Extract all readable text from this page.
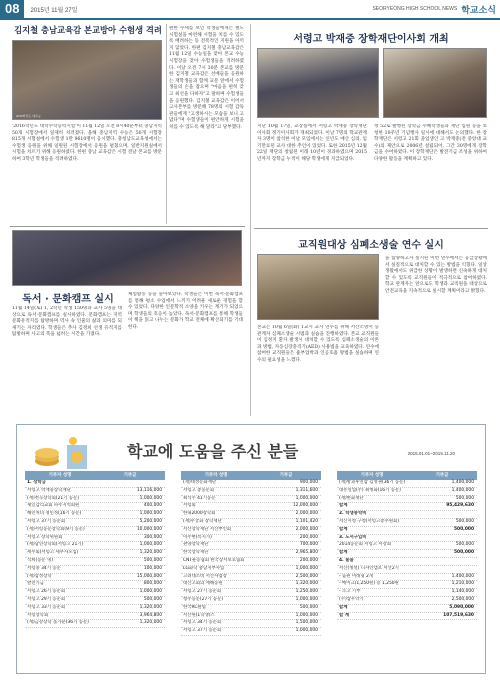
08	2015년 11월 27일	SEORYEONG HIGH SCHOOL NEWS 학교소식
김지철 충남교육감 본교방아 수험생 격려
2016학년도 대수능
'2016학년도 대학수학능력시험'이 11월 12일 오전 8시40분부터 충남지역 50개 시험장에서 일제히 치러졌다. 올해 충남지역 수능은 50개 시험장 815개 시험실에서 수험생 1만 9610명이 응시했다. 충청남도교육청에서는 수험생 응원을 위해 일원된 시험장에서 응원을 펼쳤으며, 일반지원실에서 시험을 치르기 위해 응원하였다. 한편 충남 교육감은 시험 전날 본교를 방문하여 3학년 학생들을 격려하였다.
편한 수세를 보인 학생들에게는 별도 시험실을 마련해 시험을 치를 수 있도록 배려하는 등 전폭적인 지원을 아끼지 않았다. 한편 김지철 충남교육감은 11월 12일 수능일을 맞아 본교 수능 시험장을 찾아 수험생들을 격려하였다. 이날 오전 7시 30분 본교를 방문한 김지철 교육감은 선배들을 응원하는 재학생들과 함께 교문 앞에서 수험생들의 손을 잡으며 "마음을 편히 갖고 최선을 다하자"고 말하며 수험생들을 응원했다. 김지철 교육감은 이어서 고사본부를 방문해 78명의 시험 감독관들에게 "고생하시는 모습을 보니 고맙다"며 수험생들이 편안하게 시험을 치를 수 있도록 해 달라"고 당부했다.
독서 · 문화캠프 실시
11월 14일(토) 1, 2학년 학생 150명과 교사 5명을 대상으로 독서·문화캠프를 실시하였다. 문화캠프는 지역 문화유적지를 탐방하며 역사 속 인물의 삶과 의미를 되새기는 자리였다. 학생들은 추사 김정희 선생 유적지를 탐방하며 사고의 폭을 넓히는 시간을 가졌다.
체험활동 등을 돌아보았다. 학생들은 이번 독서·문화캠프를 통해 평소 수업에서 느끼기 어려운 새로운 경험을 할 수 있었다. 다양한 인문학적 소양을 키우는 계기가 되었으며 학생들의 호응이 높았다. 독서·문화캠프를 통해 학생들이 책을 읽고 나누는 문화가 학교 전체에 확산되기를 기대한다.
서령고 박재중 장학재단이사회 개최
지난 10월 17일, 교장실에서 서령고 박재중 장학재단이사회 정기이사회가 개최되었다. 이날 7명의 학교관계자 3명이 참석한 이날 모임에서는 신년도 예산 심의, 임기만료된 교사 대한 추인이 있었다. 또한 2015년 12월 22일 재단의 창립된 이래 10년이 경과하였으며 2015년까지 장학금 누적이 해당 학생에게 지급되었다.
정 52로 발행된 장학금 수혜학생들과 재단 임원 등을 초청한 10주년 기념행사 일시에 대해서도 논의했다. 한 장학재단은 서령고 21회 졸업생인 고 박재중(전 중앙대 교수)의 제안으로 2006년 설립되어, 그간 30명에게 장학금을 수여하였다. 이 장학재단은 발전기금 조성을 위하여 다양한 활동을 계획하고 있다.
교직원대상 심폐소생술 연수 실시
본교는 10월 6일(화) 1교시 교사 연수를 위해 서산소방서 등 관계자 심폐소생술 시범과 실습을 진행하였다. 본교 교직원들이 심정지 환자 발생시 대처할 수 있도록 심폐소생술의 이론과 방법, 자동심장충격기(AED) 사용법을 교육하였다. 연수에 참여한 교직원들은 흉부압박과 인공호흡 방법을 실습하며 연수의 필요성을 느꼈다.
을 함양하고자 실시된 이번 연수에서는 응급상황에서 실질적으로 대처할 수 있는 방법을 익혔다. 일상생활에서도 위급한 상황이 발생하면 신속하게 대처할 수 있도록 교직원들이 적극적으로 참여하였다. 학교 관계자는 앞으로도 학생과 교직원을 대상으로 안전교육을 지속적으로 실시할 계획이라고 밝혔다.
학교에 도움을 주신 분들	2015.01.01~2015.11.20
기부자 성명	기부금
1. 장학금
서령고 박재중장학재단	13,116,000
(재)천곡장학회(21기 동문)	1,000,000
제일감리교회 파주지역회원	400,000
해민처녀 정민정(16기 동문)	1,000,000
서령고 37기 동문회	5,200,000
(재)서령동문장학회(9기 동문)	10,000,000
서령고 장학위원회	300,000
(재)남연장학회(서령고 21기)	1,000,000
세무회(서령고 세무사모임)	1,320,000
석희(동문 명)	500,000
서령중 34기 동문	100,000
(재)삼성장학	15,000,000
발전기금	800,000
서령고 26기 동문회	1,000,000
서령고 29기 동문회	500,000
서령고 33기 동문회	1,320,000
서령장학회	3,964,800
(재)금강장학 홀가분(36기 동문)	1,320,000
기부자 성명	기부금
(재)대성문화재단	900,000
서령고 총동문회	1,311,600
최석주 41기동문	1,000,000
서령회	12,000,000
한내2000장학회	2,000,000
(재)무궁화 장학재단	1,101,420
서산장학재단 서산부인회	2,000,000
이주현(특지가)	200,000
관양장학재단	700,000
한국장학재단	2,965,800
CNT운동협회 한국장서보호협회	200,000
LG화학 충남지부사업	1,000,000
고려대조비 서산사업장	2,500,000
대산고회의 재해동원	1,320,000
서령고 27기 동문회	1,250,000
청주동문(27기 동문)	1,000,000
한국RC클럽	500,000
서산원(1학생)스	1,000,000
서령고 34기 동문회	1,500,000
서령고 37기 동문회	1,000,000
기부자 성명	기부금
(재)방과후연합 김성권(36기 동문)	1,400,000
대흥실업(주) 최병화(16기 동문)	1,400,000
(재)한화재단	500,000
합계	95,429,630
2. 학생통학비
서산시청 구청(서령고총무원회)	500,000
합계	500,000
3. 도서구입비
2014동문회 서령고 서강회	500,000
합계	500,000
4. 물품
서산(병설) 디자인캠프 서산2기
- 음원 미래형 2개	1,400,000
- 메이크(1,250원) 등 1,250원	1,210,000
- 소고 기부	1,140,000
(주)삼우약기	2,500,000
합계	5,090,000
합 계	107,519,630
